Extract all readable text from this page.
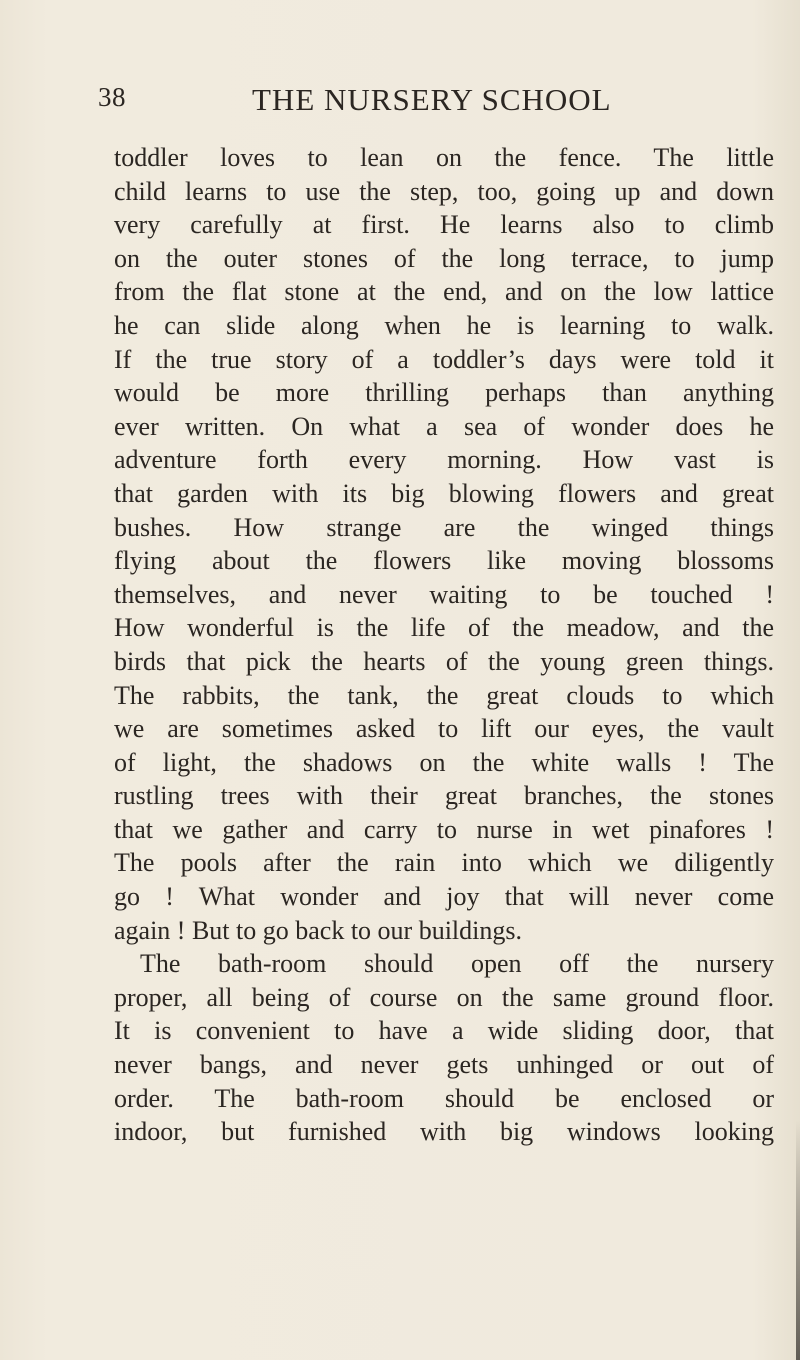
38	THE NURSERY SCHOOL
toddler loves to lean on the fence. The little
child learns to use the step, too, going up and down
very carefully at first. He learns also to climb
on the outer stones of the long terrace, to jump
from the flat stone at the end, and on the low lattice
he can slide along when he is learning to walk.
If the true story of a toddler’s days were told it
would be more thrilling perhaps than anything
ever written. On what a sea of wonder does he
adventure forth every morning. How vast is
that garden with its big blowing flowers and great
bushes. How strange are the winged things
flying about the flowers like moving blossoms
themselves, and never waiting to be touched !
How wonderful is the life of the meadow, and the
birds that pick the hearts of the young green things.
The rabbits, the tank, the great clouds to which
we are sometimes asked to lift our eyes, the vault
of light, the shadows on the white walls ! The
rustling trees with their great branches, the stones
that we gather and carry to nurse in wet pinafores !
The pools after the rain into which we diligently
go ! What wonder and joy that will never come
again ! But to go back to our buildings.
The bath-room should open off the nursery
proper, all being of course on the same ground floor.
It is convenient to have a wide sliding door, that
never bangs, and never gets unhinged or out of
order. The bath-room should be enclosed or
indoor, but furnished with big windows looking
